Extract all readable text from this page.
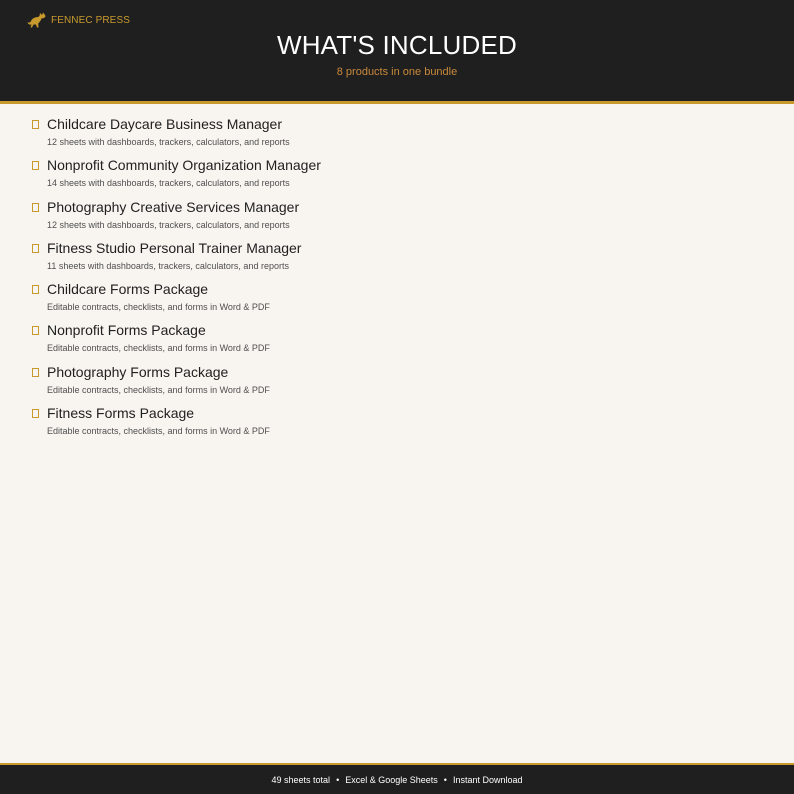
FENNEC PRESS
WHAT'S INCLUDED
8 products in one bundle
Childcare Daycare Business Manager
12 sheets with dashboards, trackers, calculators, and reports
Nonprofit Community Organization Manager
14 sheets with dashboards, trackers, calculators, and reports
Photography Creative Services Manager
12 sheets with dashboards, trackers, calculators, and reports
Fitness Studio Personal Trainer Manager
11 sheets with dashboards, trackers, calculators, and reports
Childcare Forms Package
Editable contracts, checklists, and forms in Word & PDF
Nonprofit Forms Package
Editable contracts, checklists, and forms in Word & PDF
Photography Forms Package
Editable contracts, checklists, and forms in Word & PDF
Fitness Forms Package
Editable contracts, checklists, and forms in Word & PDF
49 sheets total • Excel & Google Sheets • Instant Download
